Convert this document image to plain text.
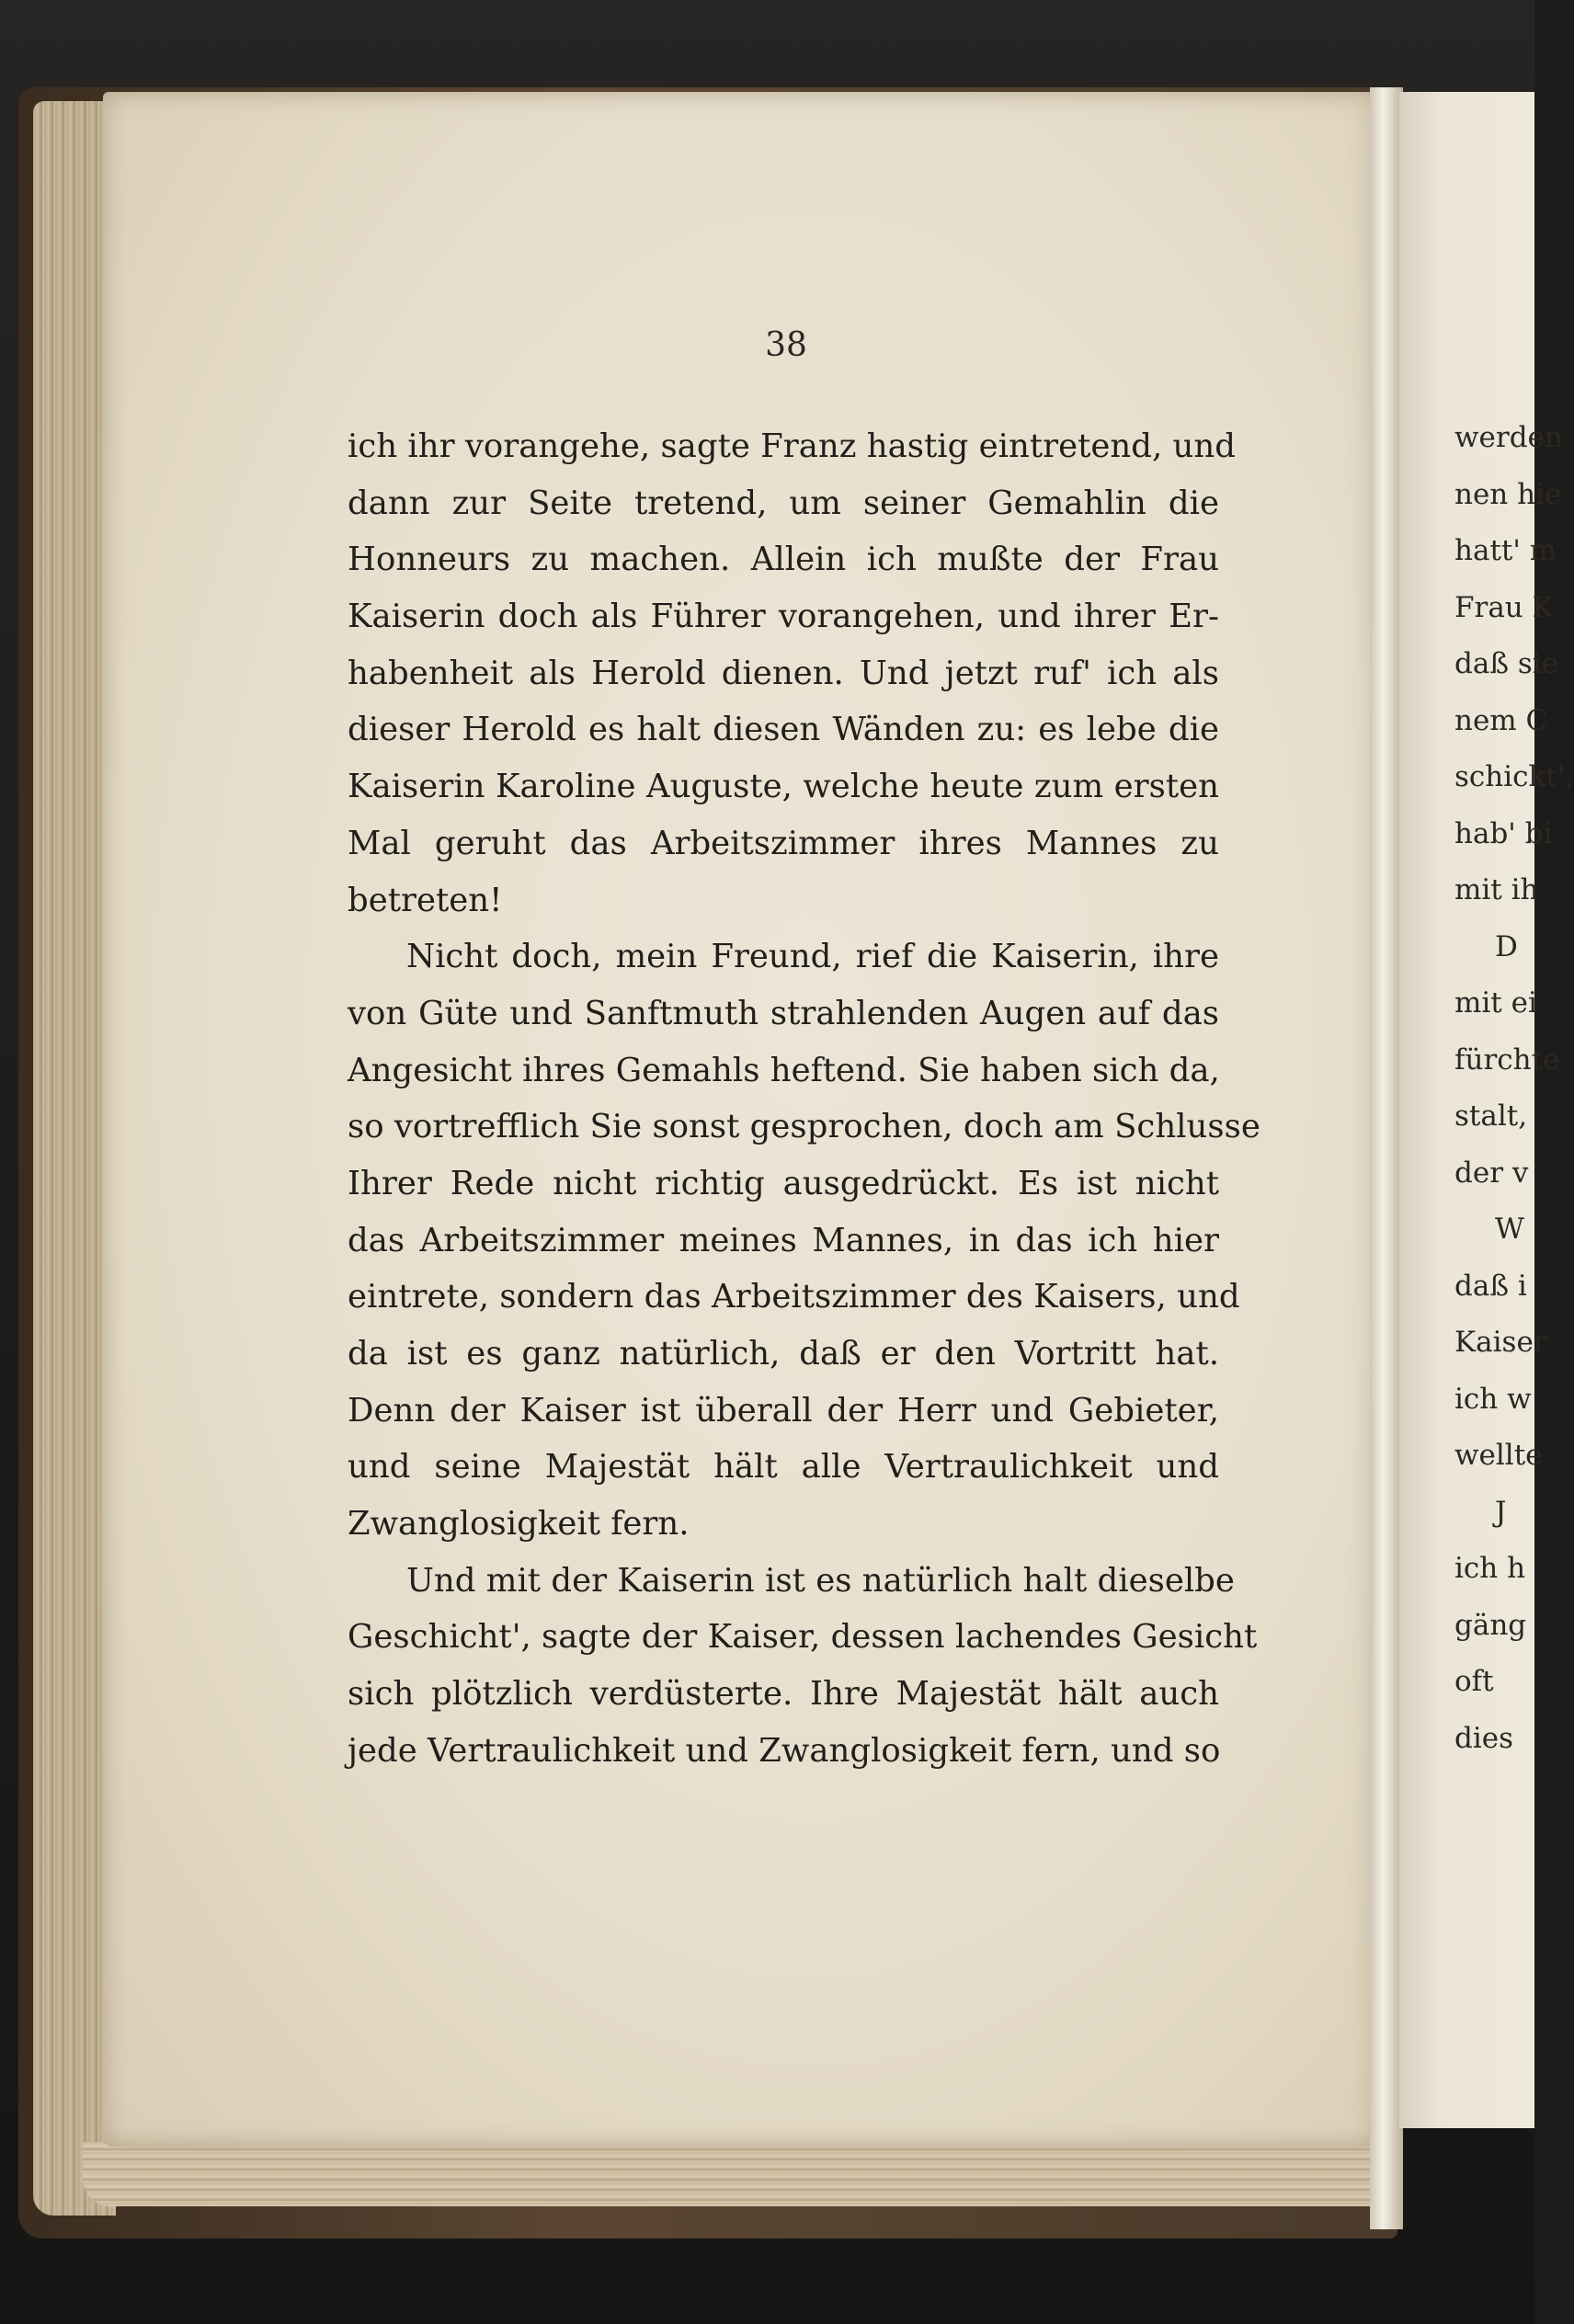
38
ich ihr vorangehe, sagte Franz hastig eintretend, und
dann zur Seite tretend, um seiner Gemahlin die
Honneurs zu machen. Allein ich mußte der Frau
Kaiserin doch als Führer vorangehen, und ihrer Er-
habenheit als Herold dienen. Und jetzt ruf' ich als
dieser Herold es halt diesen Wänden zu: es lebe die
Kaiserin Karoline Auguste, welche heute zum ersten
Mal geruht das Arbeitszimmer ihres Mannes zu
betreten!
Nicht doch, mein Freund, rief die Kaiserin, ihre
von Güte und Sanftmuth strahlenden Augen auf das
Angesicht ihres Gemahls heftend. Sie haben sich da,
so vortrefflich Sie sonst gesprochen, doch am Schlusse
Ihrer Rede nicht richtig ausgedrückt. Es ist nicht
das Arbeitszimmer meines Mannes, in das ich hier
eintrete, sondern das Arbeitszimmer des Kaisers, und
da ist es ganz natürlich, daß er den Vortritt hat.
Denn der Kaiser ist überall der Herr und Gebieter,
und seine Majestät hält alle Vertraulichkeit und
Zwanglosigkeit fern.
Und mit der Kaiserin ist es natürlich halt dieselbe
Geschicht', sagte der Kaiser, dessen lachendes Gesicht
sich plötzlich verdüsterte. Ihre Majestät hält auch
jede Vertraulichkeit und Zwanglosigkeit fern, und so
werden
nen hie
hatt' m
Frau K
daß sie
nem C
schickt',
hab' bi
mit ih
D
mit ei
fürchte
stalt,
der v
W
daß i
Kaiser
ich w
wellte
J
ich h
gäng
oft
dies
